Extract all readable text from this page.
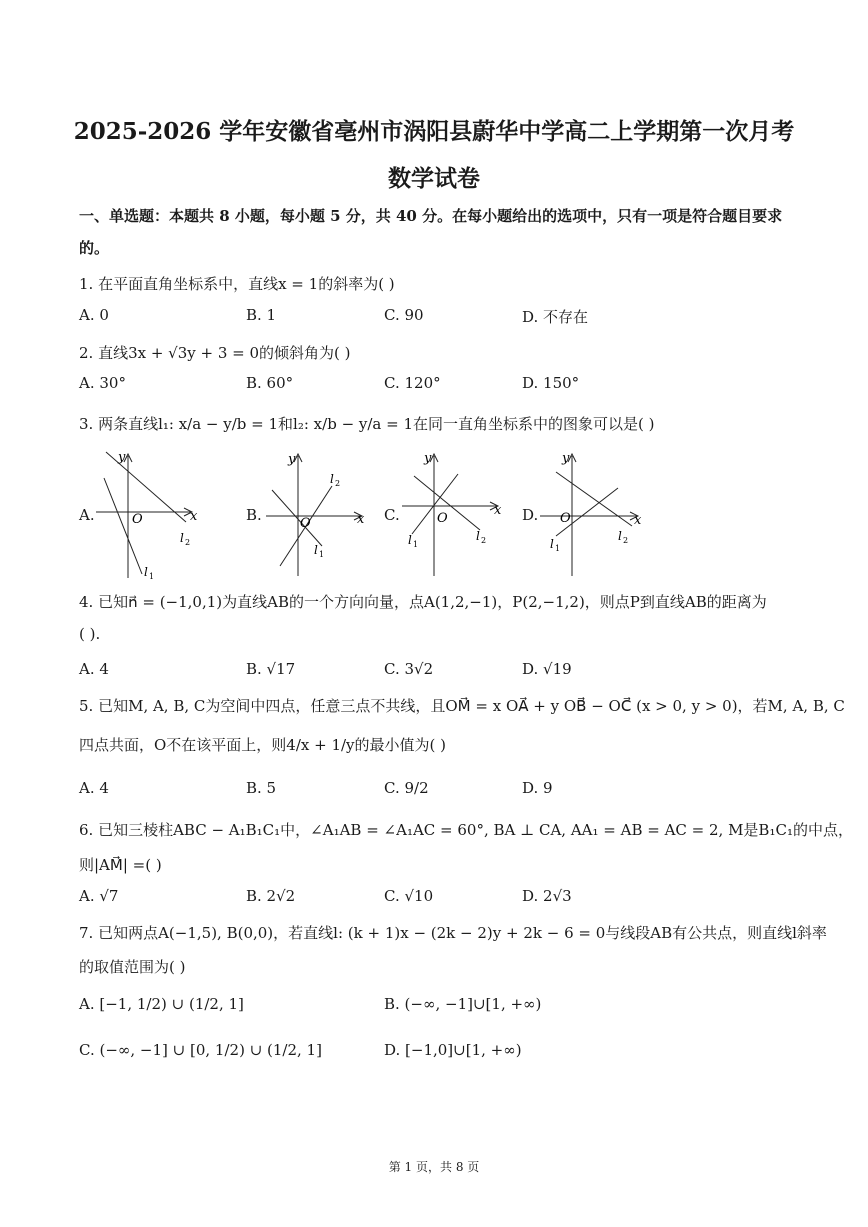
2025-2026 学年安徽省亳州市涡阳县蔚华中学高二上学期第一次月考
数学试卷
一、单选题：本题共 8 小题，每小题 5 分，共 40 分。在每小题给出的选项中，只有一项是符合题目要求
的。
1. 在平面直角坐标系中，直线x = 1的斜率为( )
A. 0	B. 1	C. 90	D. 不存在
2. 直线3x + √3y + 3 = 0的倾斜角为( )
A. 30°	B. 60°	C. 120°	D. 150°
3. 两条直线l₁: x/a − y/b = 1和l₂: x/b − y/a = 1在同一直角坐标系中的图象可以是( )
A.	B.	C.	D.
y
x
O
l 1
l 2
y
x
O
l 2
l 1
y
x
O
l 1
l 2
y
x
O
l 1
l 2
4. 已知n⃗ = (−1,0,1)为直线AB的一个方向向量，点A(1,2,−1)，P(2,−1,2)，则点P到直线AB的距离为
( ).
A. 4	B. √17	C. 3√2	D. √19
5. 已知M, A, B, C为空间中四点，任意三点不共线，且OM⃗ = x OA⃗ + y OB⃗ − OC⃗ (x > 0, y > 0)，若M, A, B, C
四点共面，O不在该平面上，则4/x + 1/y的最小值为( )
A. 4	B. 5	C. 9/2	D. 9
6. 已知三棱柱ABC − A₁B₁C₁中，∠A₁AB = ∠A₁AC = 60°, BA ⊥ CA, AA₁ = AB = AC = 2, M是B₁C₁的中点，
则|AM⃗| =( )
A. √7	B. 2√2	C. √10	D. 2√3
7. 已知两点A(−1,5), B(0,0)，若直线l: (k + 1)x − (2k − 2)y + 2k − 6 = 0与线段AB有公共点，则直线l斜率
的取值范围为( )
A. [−1, 1/2) ∪ (1/2, 1]	B. (−∞, −1]∪[1, +∞)
C. (−∞, −1] ∪ [0, 1/2) ∪ (1/2, 1]	D. [−1,0]∪[1, +∞)
第 1 页，共 8 页
